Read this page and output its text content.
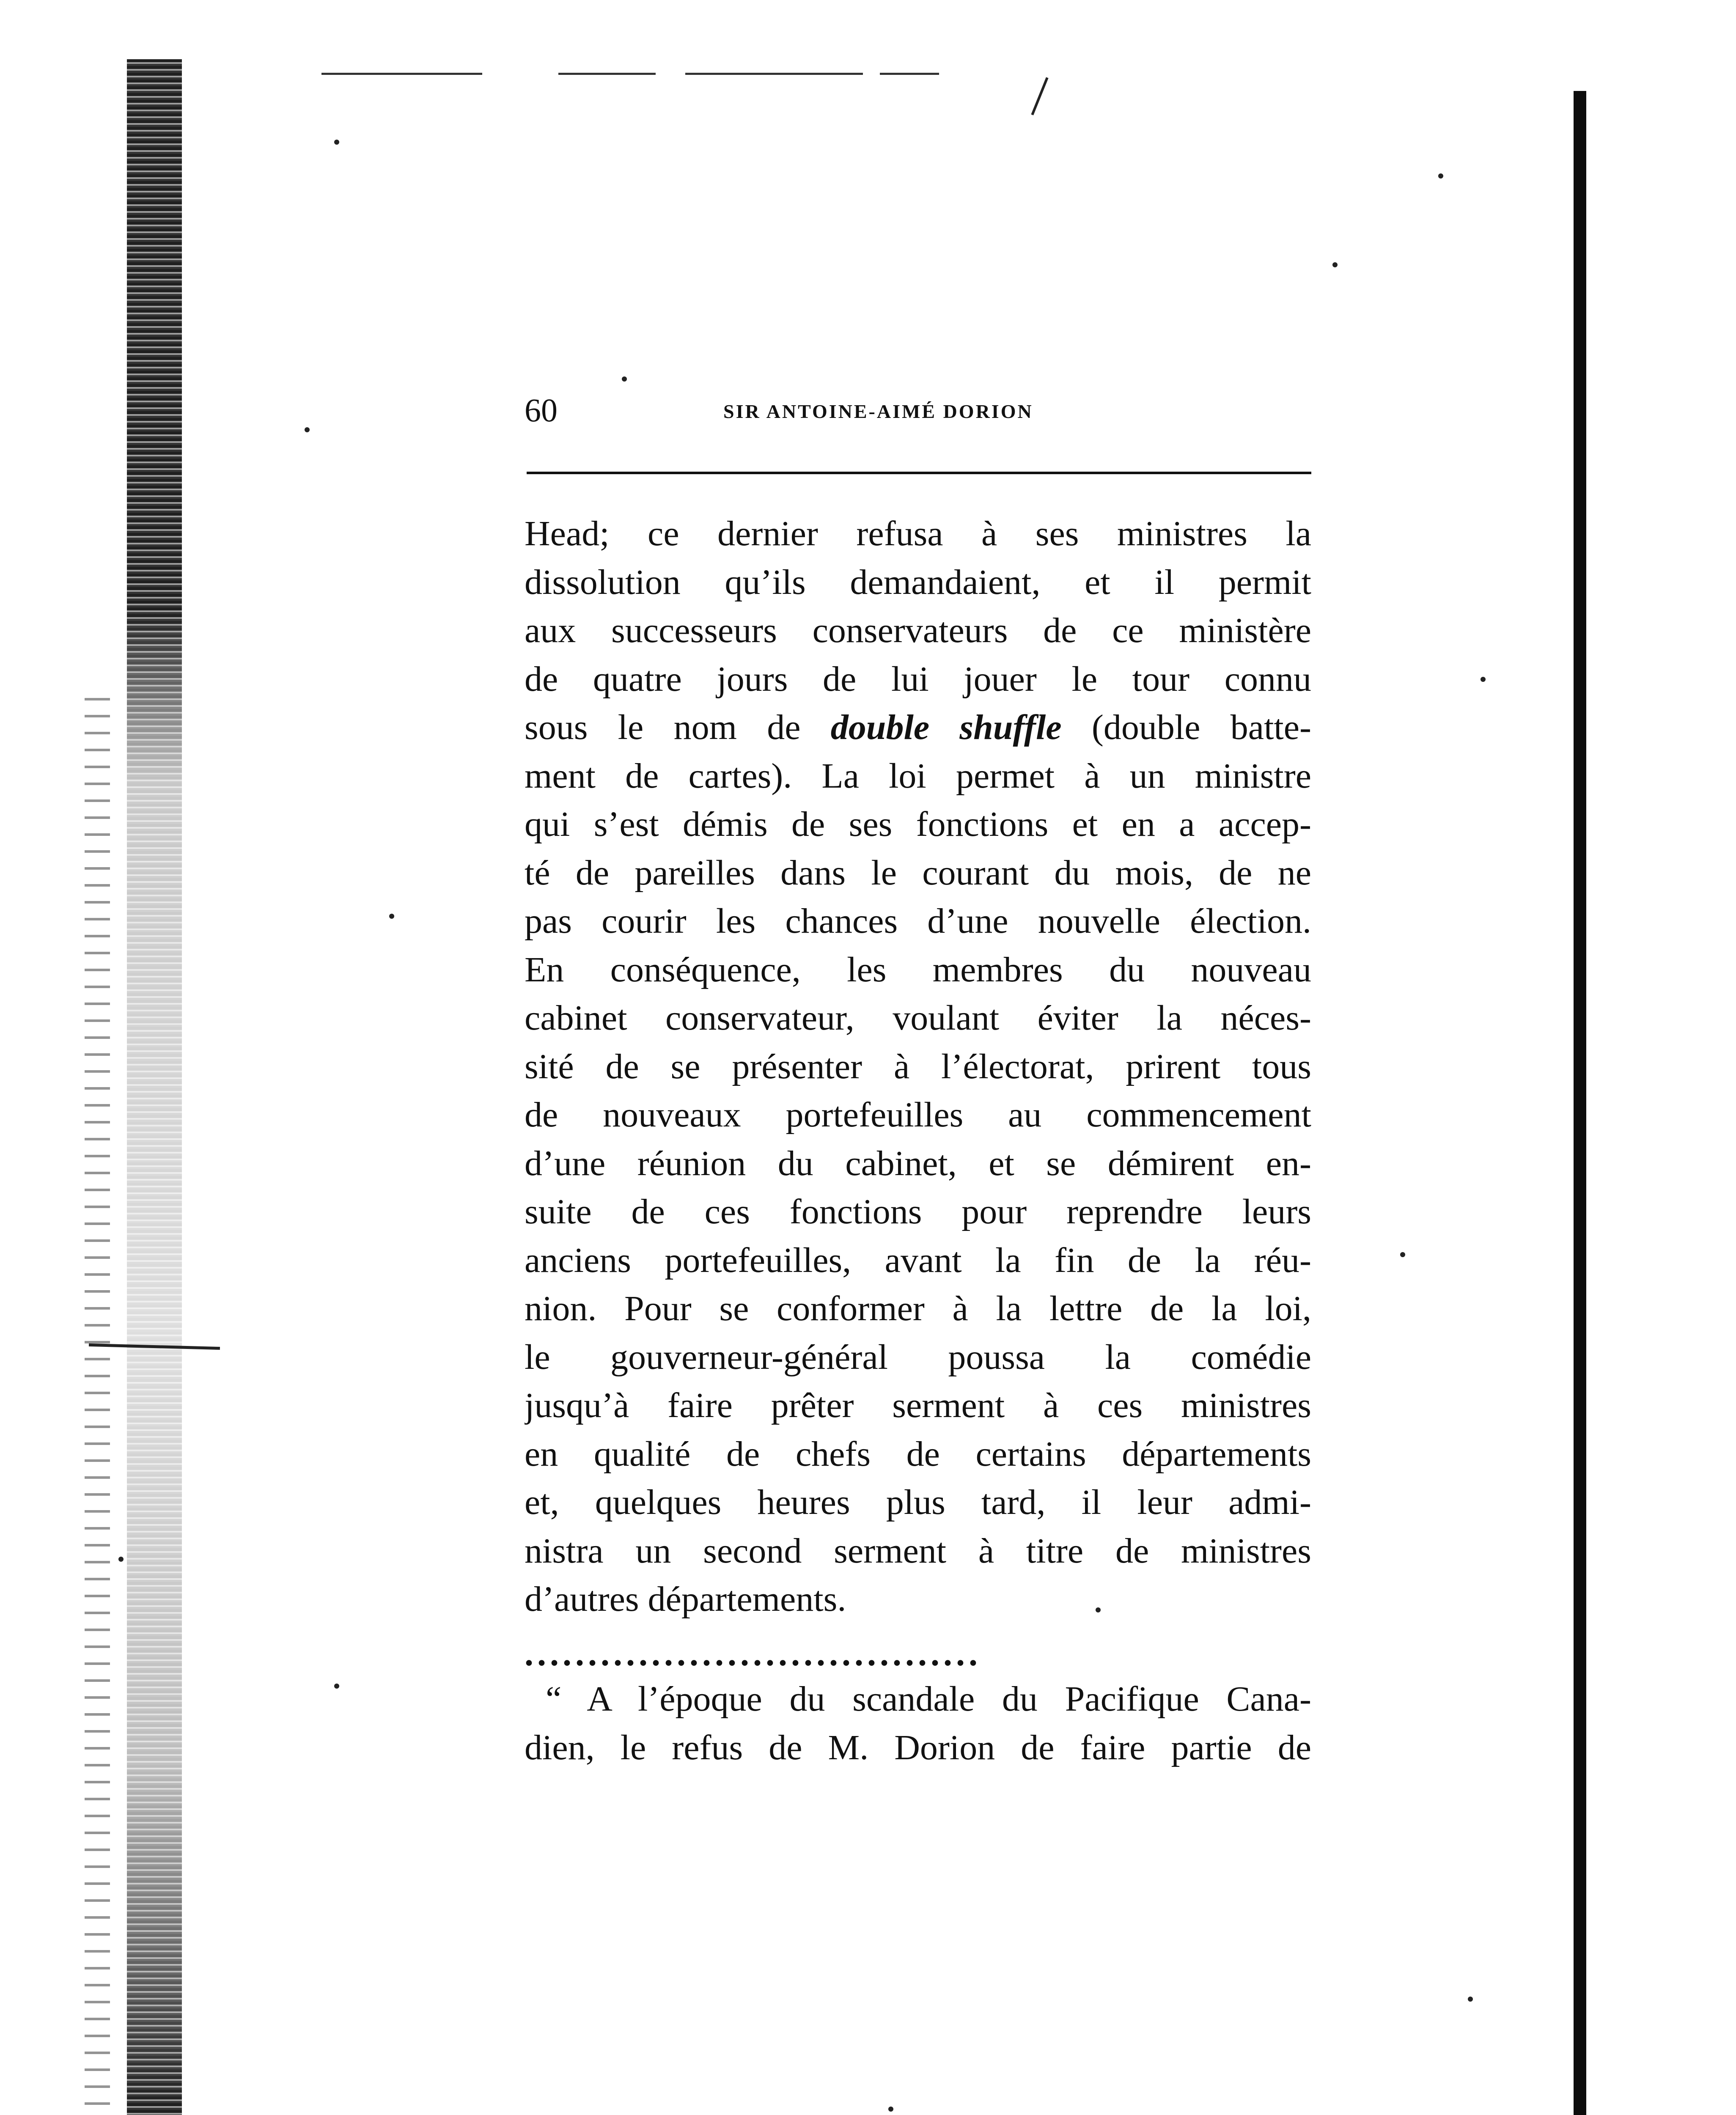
60	SIR ANTOINE-AIMÉ DORION
Head; ce dernier refusa à ses ministres la
dissolution qu’ils demandaient, et il permit
aux successeurs conservateurs de ce ministère
de quatre jours de lui jouer le tour connu
sous le nom de double shuffle (double batte-
ment de cartes). La loi permet à un ministre
qui s’est démis de ses fonctions et en a accep-
té de pareilles dans le courant du mois, de ne
pas courir les chances d’une nouvelle élection.
En conséquence, les membres du nouveau
cabinet conservateur, voulant éviter la néces-
sité de se présenter à l’électorat, prirent tous
de nouveaux portefeuilles au commencement
d’une réunion du cabinet, et se démirent en-
suite de ces fonctions pour reprendre leurs
anciens portefeuilles, avant la fin de la réu-
nion. Pour se conformer à la lettre de la loi,
le gouverneur-général poussa la comédie
jusqu’à faire prêter serment à ces ministres
en qualité de chefs de certains départements
et, quelques heures plus tard, il leur admi-
nistra un second serment à titre de ministres
d’autres départements.
....................................
“ A l’époque du scandale du Pacifique Cana-
dien, le refus de M. Dorion de faire partie de
